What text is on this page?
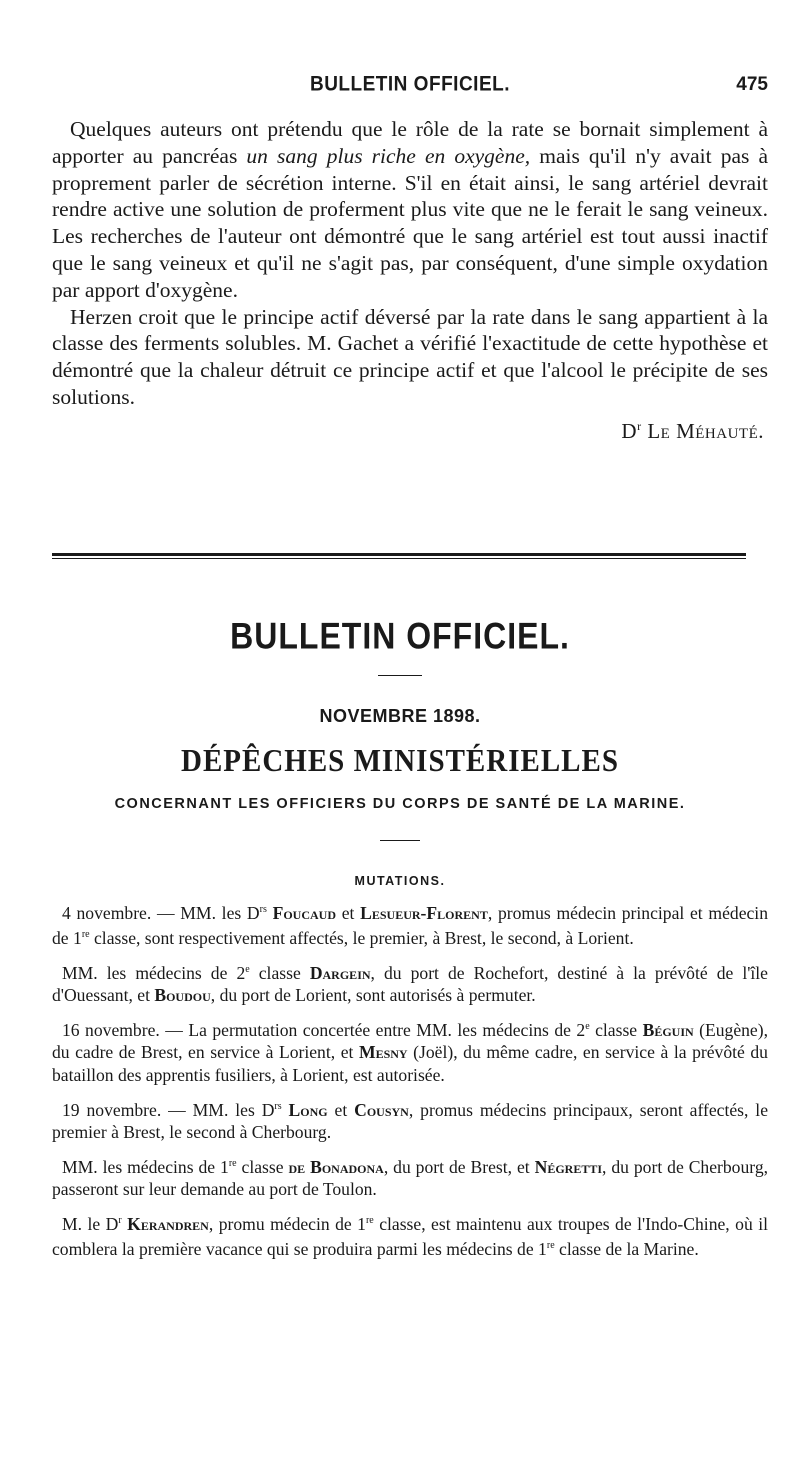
BULLETIN OFFICIEL.	475

Quelques auteurs ont prétendu que le rôle de la rate se bornait simplement à apporter au pancréas un sang plus riche en oxygène, mais qu'il n'y avait pas à proprement parler de sécrétion interne. S'il en était ainsi, le sang artériel devrait rendre active une solution de proferment plus vite que ne le ferait le sang veineux. Les recherches de l'auteur ont démontré que le sang artériel est tout aussi inactif que le sang veineux et qu'il ne s'agit pas, par conséquent, d'une simple oxydation par apport d'oxygène.

Herzen croit que le principe actif déversé par la rate dans le sang appartient à la classe des ferments solubles. M. Gachet a vérifié l'exactitude de cette hypothèse et démontré que la chaleur détruit ce principe actif et que l'alcool le précipite de ses solutions.

$D^r$ Le Méhauté.
BULLETIN OFFICIEL.
NOVEMBRE 1898.
DÉPÊCHES MINISTÉRIELLES
CONCERNANT LES OFFICIERS DU CORPS DE SANTÉ DE LA MARINE.
MUTATIONS.

4 novembre. — MM. les $D^{rs}$ Foucaud et Lesueur-Florent, promus médecin principal et médecin de 1re classe, sont respectivement affectés, le premier, à Brest, le second, à Lorient.

MM. les médecins de 2e classe Dargein, du port de Rochefort, destiné à la prévôté de l'île d'Ouessant, et Boudou, du port de Lorient, sont autorisés à permuter.

16 novembre. — La permutation concertée entre MM. les médecins de 2e classe Béguin (Eugène), du cadre de Brest, en service à Lorient, et Mesny (Joël), du même cadre, en service à la prévôté du bataillon des apprentis fusiliers, à Lorient, est autorisée.

19 novembre. — MM. les $D^{rs}$ Long et Cousyn, promus médecins principaux, seront affectés, le premier à Brest, le second à Cherbourg.

MM. les médecins de 1re classe de Bonadona, du port de Brest, et Négretti, du port de Cherbourg, passeront sur leur demande au port de Toulon.

M. le $D^r$ Kerandren, promu médecin de 1re classe, est maintenu aux troupes de l'Indo-Chine, où il comblera la première vacance qui se produira parmi les médecins de 1re classe de la Marine.
